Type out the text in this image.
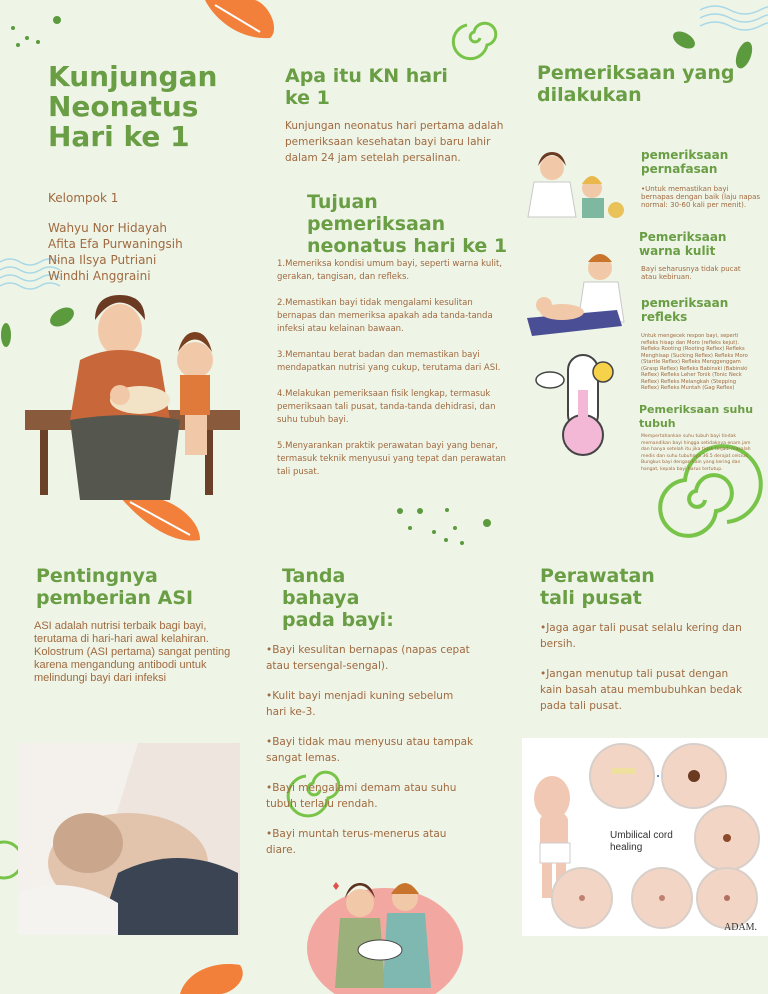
Kunjungan
Neonatus
Hari ke 1
Kelompok 1
Wahyu Nor Hidayah
Afita Efa Purwaningsih
Nina Ilsya Putriani
Windhi Anggraini
Apa itu KN hari
ke 1
Kunjungan neonatus hari pertama adalah pemeriksaan kesehatan bayi baru lahir dalam 24 jam setelah persalinan.
Tujuan
pemeriksaan
neonatus hari ke 1

1.Memeriksa kondisi umum bayi, seperti warna kulit, gerakan, tangisan, dan refleks.

2.Memastikan bayi tidak mengalami kesulitan bernapas dan memeriksa apakah ada tanda-tanda infeksi atau kelainan bawaan.

3.Memantau berat badan dan memastikan bayi mendapatkan nutrisi yang cukup, terutama dari ASI.

4.Melakukan pemeriksaan fisik lengkap, termasuk pemeriksaan tali pusat, tanda-tanda dehidrasi, dan suhu tubuh bayi.

5.Menyarankan praktik perawatan bayi yang benar, termasuk teknik menyusui yang tepat dan perawatan tali pusat.

Pemeriksaan yang
dilakukan
pemeriksaan
pernafasan
•Untuk memastikan bayi bernapas dengan baik (laju napas normal: 30-60 kali per menit).
Pemeriksaan
warna kulit
Bayi seharusnya tidak pucat atau kebiruan.
pemeriksaan
refleks
Untuk mengecek respon bayi, seperti refleks hisap dan Moro (refleks kejut). Refleks Rooting (Rooting Reflex) Refleks Menghisap (Sucking Reflex) Refleks Moro (Startle Reflex) Refleks Menggenggam (Grasp Reflex) Refleks Babinski (Babinski Reflex) Refleks Leher Tonik (Tonic Neck Reflex) Refleks Melangkah (Stepping Reflex) Refleks Muntah (Gag Reflex)
Pemeriksaan suhu
tubuh
Mempertahankan suhu tubuh bayi tindak memandikan bayi hingga setidaknya enam jam dan hanya setelah itu jika tidak terjadi masalah medis dan suhu tubuhnya 36.5 derajat celcius Bungkus bayi dengan kain yang kering dan hangat, kepala bayi harus tertutup.
Pentingnya
pemberian ASI
ASI adalah nutrisi terbaik bagi bayi, terutama di hari-hari awal kelahiran. Kolostrum (ASI pertama) sangat penting karena mengandung antibodi untuk melindungi bayi dari infeksi
Tanda
bahaya
pada bayi:

•Bayi kesulitan bernapas (napas cepat atau tersengal-sengal).

•Kulit bayi menjadi kuning sebelum hari ke-3.

•Bayi tidak mau menyusu atau tampak sangat lemas.

•Bayi mengalami demam atau suhu tubuh terlalu rendah.

•Bayi muntah terus-menerus atau diare.

Perawatan
tali pusat

•Jaga agar tali pusat selalu kering dan bersih.

•Jangan menutup tali pusat dengan kain basah atau membubuhkan bedak pada tali pusat.

Umbilical cord
healing
ADAM.
